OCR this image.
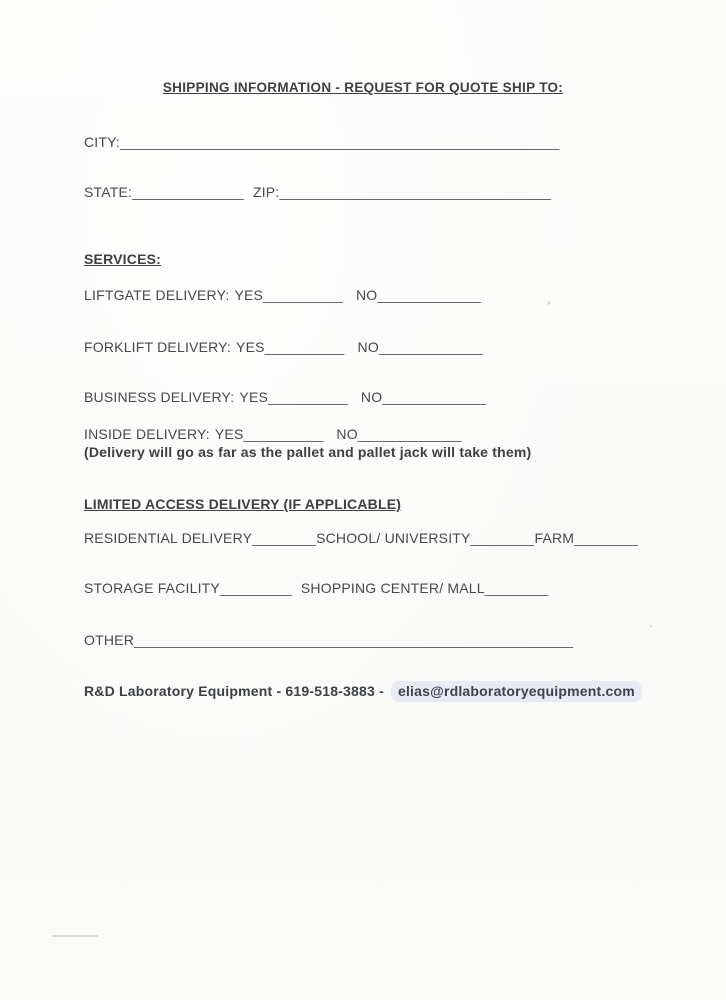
SHIPPING INFORMATION - REQUEST FOR QUOTE SHIP TO:
CITY:_______________________________________________________
STATE:______________ ZIP:__________________________________
SERVICES:
LIFTGATE DELIVERY: YES__________ NO_____________
FORKLIFT DELIVERY: YES__________ NO_____________
BUSINESS DELIVERY: YES__________ NO_____________
INSIDE DELIVERY: YES__________ NO_____________
(Delivery will go as far as the pallet and pallet jack will take them)
LIMITED ACCESS DELIVERY (IF APPLICABLE)
RESIDENTIAL DELIVERY________SCHOOL/ UNIVERSITY________FARM________
STORAGE FACILITY_________ SHOPPING CENTER/ MALL________
OTHER_______________________________________________________
R&D Laboratory Equipment - 619-518-3883 - elias@rdlaboratoryequipment.com
